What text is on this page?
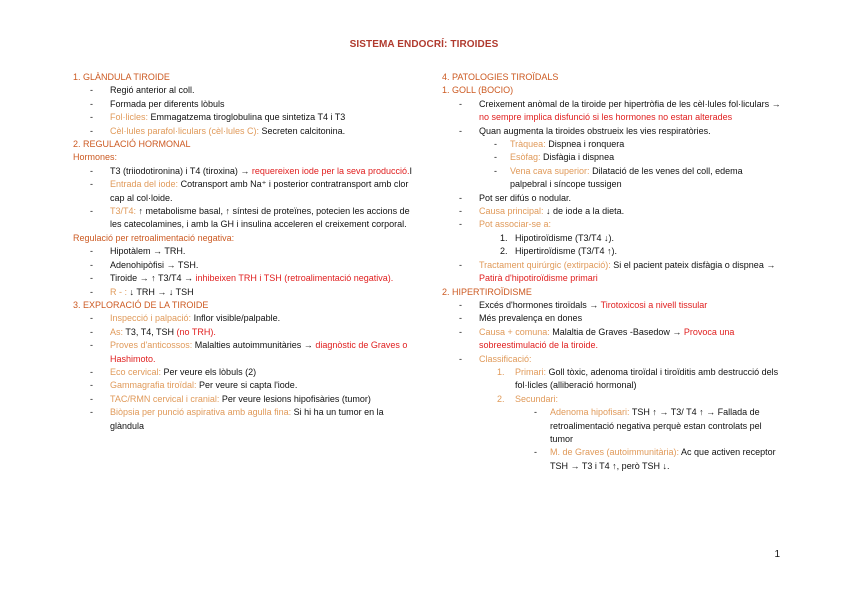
SISTEMA ENDOCRÍ: TIROIDES
1. GLÀNDULA TIROIDE
- Regió anterior al coll.
- Formada per diferents lòbuls
- Fol·licles: Emmagatzema tiroglobulina que sintetiza T4 i T3
- Cèl·lules parafol·liculars (cèl·lules C): Secreten calcitonina.
2. REGULACIÓ HORMONAL
Hormones:
- T3 (triiodotironina) i T4 (tiroxina) → requereixen iode per la seva producció.I
- Entrada del iode: Cotransport amb Na⁺ i posterior contratransport amb clor cap al col·loide.
- T3/T4: ↑ metabolisme basal, ↑ síntesi de proteïnes, potecien les accions de les catecolamines, i amb la GH i insulina acceleren el creixement corporal.
Regulació per retroalimentació negativa:
- Hipotàlem → TRH.
- Adenohipòfisi → TSH.
- Tiroide → ↑ T3/T4 → inhibeixen TRH i TSH (retroalimentació negativa).
- R - : ↓ TRH → ↓ TSH
3. EXPLORACIÓ DE LA TIROIDE
- Inspecció i palpació: Inflor visible/palpable.
- As: T3, T4, TSH (no TRH).
- Proves d'anticossos: Malalties autoimmunitàries → diagnòstic de Graves o Hashimoto.
- Eco cervical: Per veure els lòbuls (2)
- Gammagrafia tiroïdal: Per veure si capta l'iode.
- TAC/RMN cervical i cranial: Per veure lesions hipofisàries (tumor)
- Biòpsia per punció aspirativa amb agulla fina: Si hi ha un tumor en la glàndula
4. PATOLOGIES TIROÏDALS
1. GOLL (BOCIO)
- Creixement anòmal de la tiroide per hipertròfia de les cèl·lules fol·liculars → no sempre implica disfunció si les hormones no estan alterades
- Quan augmenta la tiroides obstrueix les vies respiratòries.
- Tràquea: Dispnea i ronquera
- Esòfag: Disfàgia i dispnea
- Vena cava superior: Dilatació de les venes del coll, edema palpebral i síncope tussigen
- Pot ser difús o nodular.
- Causa principal: ↓ de iode a la dieta.
- Pot associar-se a:
1. Hipotiroïdisme (T3/T4 ↓).
2. Hipertiroïdisme (T3/T4 ↑).
- Tractament quirúrgic (extirpació): Si el pacient pateix disfàgia o dispnea → Patirà d'hipotiroïdisme primari
2. HIPERTIROÏDISME
- Excés d'hormones tiroïdals → Tirotoxicosi a nivell tissular
- Més prevalença en dones
- Causa + comuna: Malaltia de Graves -Basedow → Provoca una sobreestimulació de la tiroide.
- Classificació:
1. Primari: Goll tòxic, adenoma tiroïdal i tiroïditis amb destrucció dels fol·licles (alliberació hormonal)
2. Secundari:
- Adenoma hipofisari: TSH ↑ → T3/ T4 ↑ → Fallada de retroalimentació negativa perquè estan controlats pel tumor
- M. de Graves (autoimmunitària): Ac que activen receptor TSH → T3 i T4 ↑, però TSH ↓.
1
